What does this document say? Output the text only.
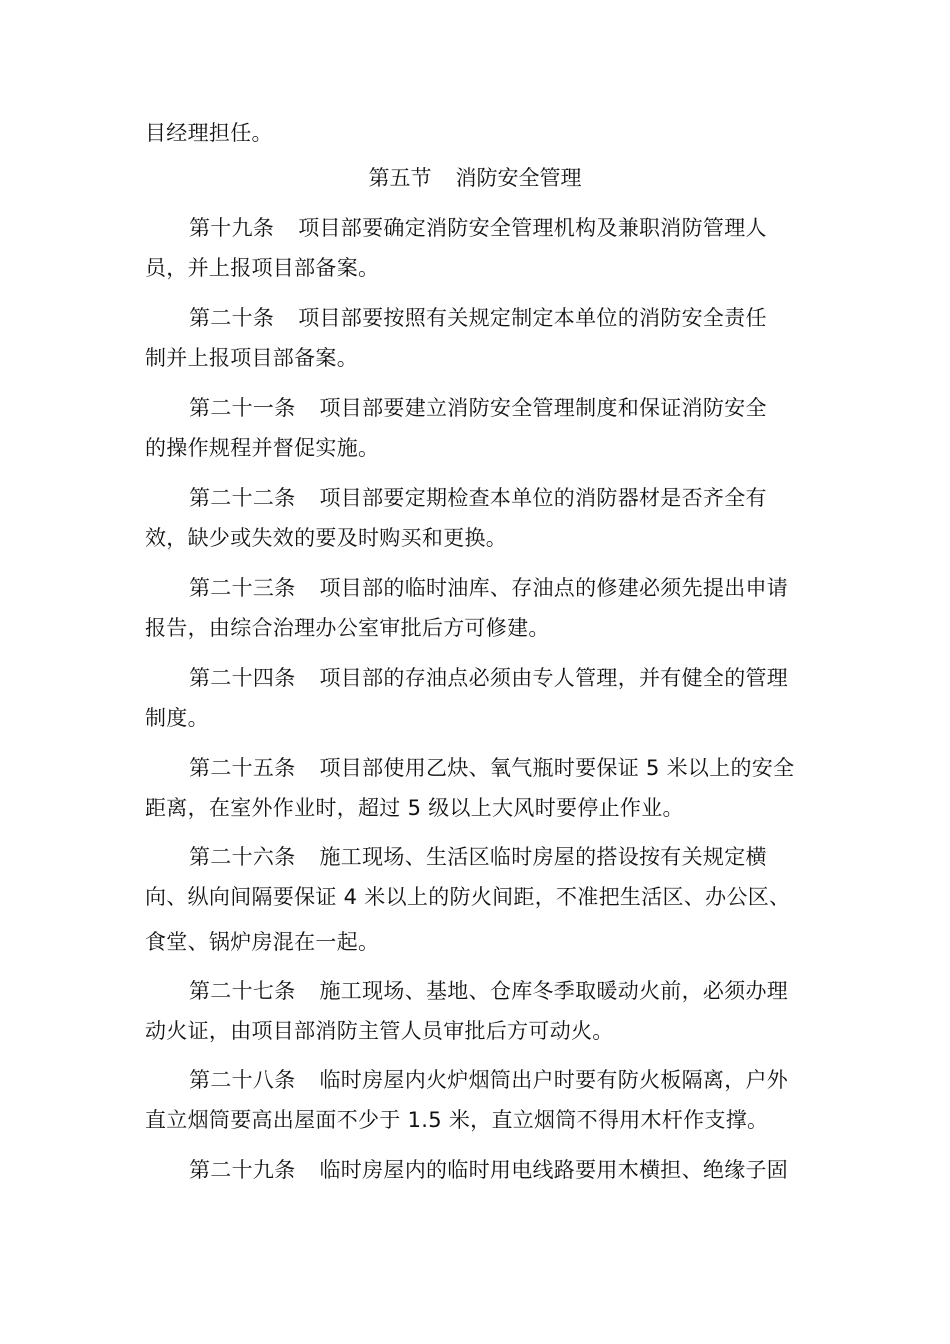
目经理担任。
第五节 消防安全管理
第十九条 项目部要确定消防安全管理机构及兼职消防管理人
员，并上报项目部备案。
第二十条 项目部要按照有关规定制定本单位的消防安全责任
制并上报项目部备案。
第二十一条 项目部要建立消防安全管理制度和保证消防安全
的操作规程并督促实施。
第二十二条 项目部要定期检查本单位的消防器材是否齐全有
效，缺少或失效的要及时购买和更换。
第二十三条 项目部的临时油库、存油点的修建必须先提出申请
报告，由综合治理办公室审批后方可修建。
第二十四条 项目部的存油点必须由专人管理，并有健全的管理
制度。
第二十五条 项目部使用乙炔、氧气瓶时要保证 5 米以上的安全
距离，在室外作业时，超过 5 级以上大风时要停止作业。
第二十六条 施工现场、生活区临时房屋的搭设按有关规定横
向、纵向间隔要保证 4 米以上的防火间距，不准把生活区、办公区、
食堂、锅炉房混在一起。
第二十七条 施工现场、基地、仓库冬季取暖动火前，必须办理
动火证，由项目部消防主管人员审批后方可动火。
第二十八条 临时房屋内火炉烟筒出户时要有防火板隔离，户外
直立烟筒要高出屋面不少于 1.5 米，直立烟筒不得用木杆作支撑。
第二十九条 临时房屋内的临时用电线路要用木横担、绝缘子固
